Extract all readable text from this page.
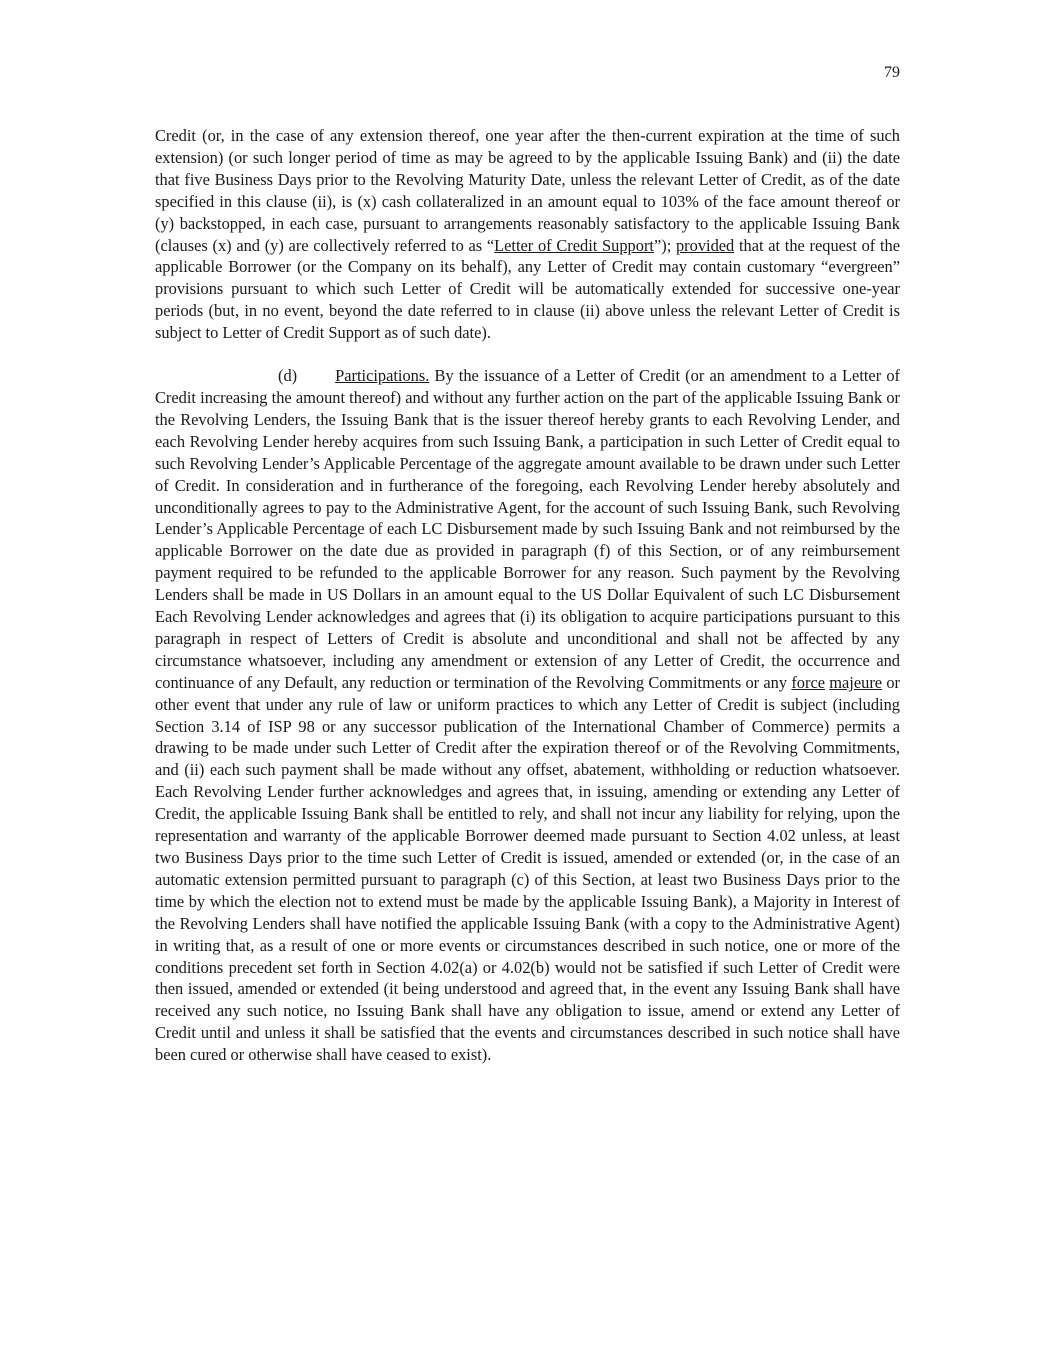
79

Credit (or, in the case of any extension thereof, one year after the then-current expiration at the time of such extension) (or such longer period of time as may be agreed to by the applicable Issuing Bank) and (ii) the date that five Business Days prior to the Revolving Maturity Date, unless the relevant Letter of Credit, as of the date specified in this clause (ii), is (x) cash collateralized in an amount equal to 103% of the face amount thereof or (y) backstopped, in each case, pursuant to arrangements reasonably satisfactory to the applicable Issuing Bank (clauses (x) and (y) are collectively referred to as “Letter of Credit Support”); provided that at the request of the applicable Borrower (or the Company on its behalf), any Letter of Credit may contain customary “evergreen” provisions pursuant to which such Letter of Credit will be automatically extended for successive one-year periods (but, in no event, beyond the date referred to in clause (ii) above unless the relevant Letter of Credit is subject to Letter of Credit Support as of such date).

(d) Participations. By the issuance of a Letter of Credit (or an amendment to a Letter of Credit increasing the amount thereof) and without any further action on the part of the applicable Issuing Bank or the Revolving Lenders, the Issuing Bank that is the issuer thereof hereby grants to each Revolving Lender, and each Revolving Lender hereby acquires from such Issuing Bank, a participation in such Letter of Credit equal to such Revolving Lender’s Applicable Percentage of the aggregate amount available to be drawn under such Letter of Credit. In consideration and in furtherance of the foregoing, each Revolving Lender hereby absolutely and unconditionally agrees to pay to the Administrative Agent, for the account of such Issuing Bank, such Revolving Lender’s Applicable Percentage of each LC Disbursement made by such Issuing Bank and not reimbursed by the applicable Borrower on the date due as provided in paragraph (f) of this Section, or of any reimbursement payment required to be refunded to the applicable Borrower for any reason. Such payment by the Revolving Lenders shall be made in US Dollars in an amount equal to the US Dollar Equivalent of such LC Disbursement Each Revolving Lender acknowledges and agrees that (i) its obligation to acquire participations pursuant to this paragraph in respect of Letters of Credit is absolute and unconditional and shall not be affected by any circumstance whatsoever, including any amendment or extension of any Letter of Credit, the occurrence and continuance of any Default, any reduction or termination of the Revolving Commitments or any force majeure or other event that under any rule of law or uniform practices to which any Letter of Credit is subject (including Section 3.14 of ISP 98 or any successor publication of the International Chamber of Commerce) permits a drawing to be made under such Letter of Credit after the expiration thereof or of the Revolving Commitments, and (ii) each such payment shall be made without any offset, abatement, withholding or reduction whatsoever. Each Revolving Lender further acknowledges and agrees that, in issuing, amending or extending any Letter of Credit, the applicable Issuing Bank shall be entitled to rely, and shall not incur any liability for relying, upon the representation and warranty of the applicable Borrower deemed made pursuant to Section 4.02 unless, at least two Business Days prior to the time such Letter of Credit is issued, amended or extended (or, in the case of an automatic extension permitted pursuant to paragraph (c) of this Section, at least two Business Days prior to the time by which the election not to extend must be made by the applicable Issuing Bank), a Majority in Interest of the Revolving Lenders shall have notified the applicable Issuing Bank (with a copy to the Administrative Agent) in writing that, as a result of one or more events or circumstances described in such notice, one or more of the conditions precedent set forth in Section 4.02(a) or 4.02(b) would not be satisfied if such Letter of Credit were then issued, amended or extended (it being understood and agreed that, in the event any Issuing Bank shall have received any such notice, no Issuing Bank shall have any obligation to issue, amend or extend any Letter of Credit until and unless it shall be satisfied that the events and circumstances described in such notice shall have been cured or otherwise shall have ceased to exist).
